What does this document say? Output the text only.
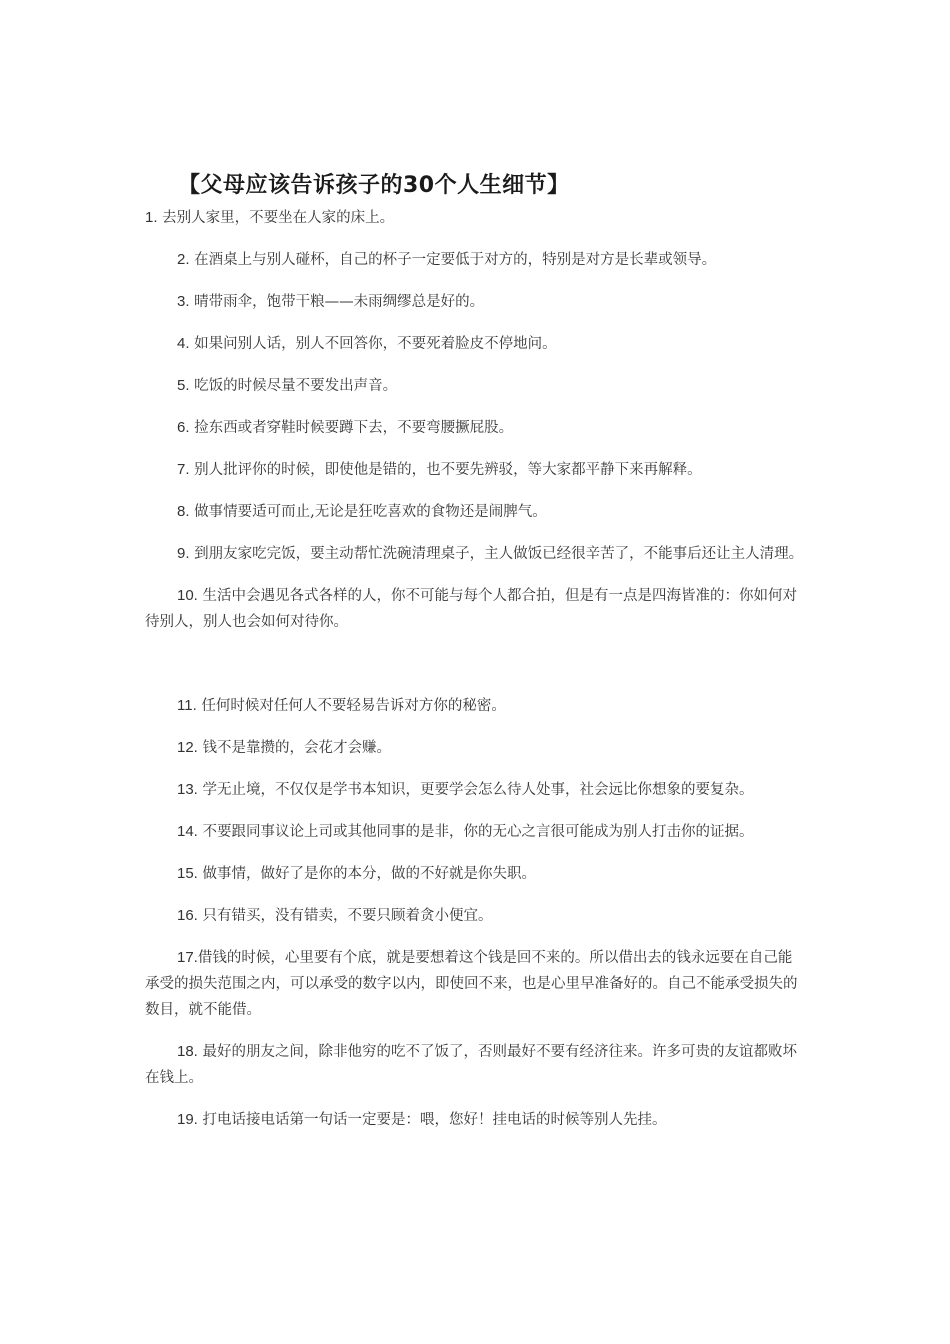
【父母应该告诉孩子的30个人生细节】

1. 去别人家里，不要坐在人家的床上。

2. 在酒桌上与别人碰杯，自己的杯子一定要低于对方的，特别是对方是长辈或领导。

3. 晴带雨伞，饱带干粮——未雨绸缪总是好的。

4. 如果问别人话，别人不回答你，不要死着脸皮不停地问。

5. 吃饭的时候尽量不要发出声音。

6. 捡东西或者穿鞋时候要蹲下去，不要弯腰撅屁股。

7. 别人批评你的时候，即使他是错的，也不要先辨驳，等大家都平静下来再解释。

8. 做事情要适可而止,无论是狂吃喜欢的食物还是闹脾气。

9. 到朋友家吃完饭，要主动帮忙洗碗清理桌子，主人做饭已经很辛苦了，不能事后还让主人清理。

10. 生活中会遇见各式各样的人，你不可能与每个人都合拍，但是有一点是四海皆准的：你如何对待别人，别人也会如何对待你。

11. 任何时候对任何人不要轻易告诉对方你的秘密。

12. 钱不是靠攒的，会花才会赚。

13. 学无止境，不仅仅是学书本知识，更要学会怎么待人处事，社会远比你想象的要复杂。

14. 不要跟同事议论上司或其他同事的是非，你的无心之言很可能成为别人打击你的证据。

15. 做事情，做好了是你的本分，做的不好就是你失职。

16. 只有错买，没有错卖，不要只顾着贪小便宜。

17.借钱的时候，心里要有个底，就是要想着这个钱是回不来的。所以借出去的钱永远要在自己能承受的损失范围之内，可以承受的数字以内，即使回不来，也是心里早准备好的。自己不能承受损失的数目，就不能借。

18. 最好的朋友之间，除非他穷的吃不了饭了，否则最好不要有经济往来。许多可贵的友谊都败坏在钱上。

19. 打电话接电话第一句话一定要是：喂，您好！挂电话的时候等别人先挂。
